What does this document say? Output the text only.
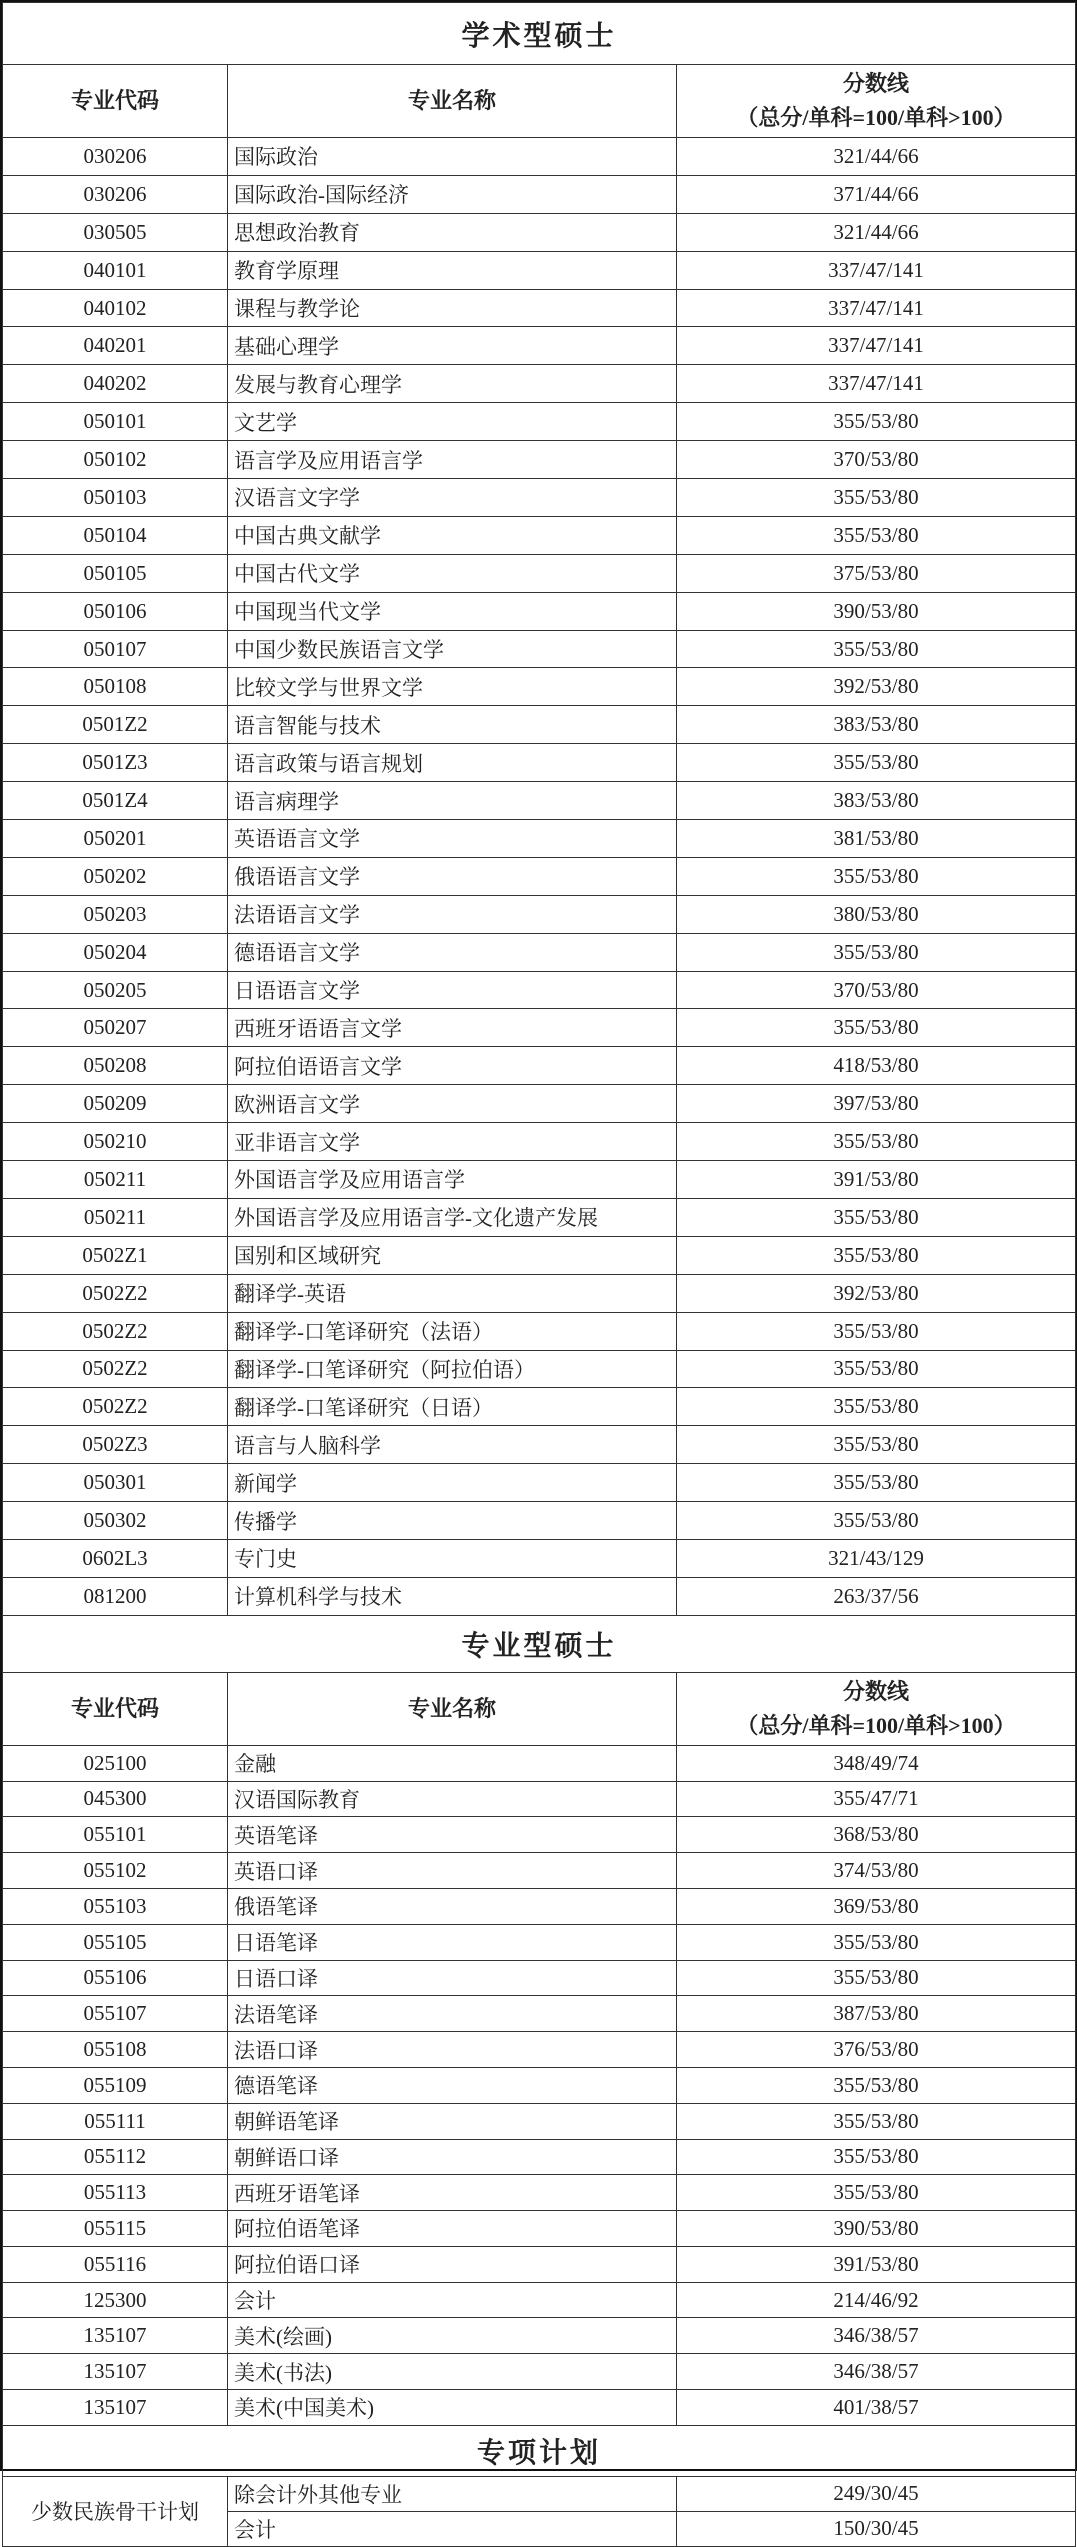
学术型硕士		
专业代码	专业名称	分数线
（总分/单科=100/单科>100）

030206	国际政治	321/44/66
030206	国际政治-国际经济	371/44/66
030505	思想政治教育	321/44/66
040101	教育学原理	337/47/141
040102	课程与教学论	337/47/141
040201	基础心理学	337/47/141
040202	发展与教育心理学	337/47/141
050101	文艺学	355/53/80
050102	语言学及应用语言学	370/53/80
050103	汉语言文字学	355/53/80
050104	中国古典文献学	355/53/80
050105	中国古代文学	375/53/80
050106	中国现当代文学	390/53/80
050107	中国少数民族语言文学	355/53/80
050108	比较文学与世界文学	392/53/80
0501Z2	语言智能与技术	383/53/80
0501Z3	语言政策与语言规划	355/53/80
0501Z4	语言病理学	383/53/80
050201	英语语言文学	381/53/80
050202	俄语语言文学	355/53/80
050203	法语语言文学	380/53/80
050204	德语语言文学	355/53/80
050205	日语语言文学	370/53/80
050207	西班牙语语言文学	355/53/80
050208	阿拉伯语语言文学	418/53/80
050209	欧洲语言文学	397/53/80
050210	亚非语言文学	355/53/80
050211	外国语言学及应用语言学	391/53/80
050211	外国语言学及应用语言学-文化遗产发展	355/53/80
0502Z1	国别和区域研究	355/53/80
0502Z2	翻译学-英语	392/53/80
0502Z2	翻译学-口笔译研究（法语）	355/53/80
0502Z2	翻译学-口笔译研究（阿拉伯语）	355/53/80
0502Z2	翻译学-口笔译研究（日语）	355/53/80
0502Z3	语言与人脑科学	355/53/80
050301	新闻学	355/53/80
050302	传播学	355/53/80
0602L3	专门史	321/43/129
081200	计算机科学与技术	263/37/56
专业型硕士		
专业代码	专业名称	分数线
（总分/单科=100/单科>100）

025100	金融	348/49/74
045300	汉语国际教育	355/47/71
055101	英语笔译	368/53/80
055102	英语口译	374/53/80
055103	俄语笔译	369/53/80
055105	日语笔译	355/53/80
055106	日语口译	355/53/80
055107	法语笔译	387/53/80
055108	法语口译	376/53/80
055109	德语笔译	355/53/80
055111	朝鲜语笔译	355/53/80
055112	朝鲜语口译	355/53/80
055113	西班牙语笔译	355/53/80
055115	阿拉伯语笔译	390/53/80
055116	阿拉伯语口译	391/53/80
125300	会计	214/46/92
135107	美术(绘画)	346/38/57
135107	美术(书法)	346/38/57
135107	美术(中国美术)	401/38/57
专项计划		
少数民族骨干计划	除会计外其他专业	249/30/45
	会计	150/30/45
